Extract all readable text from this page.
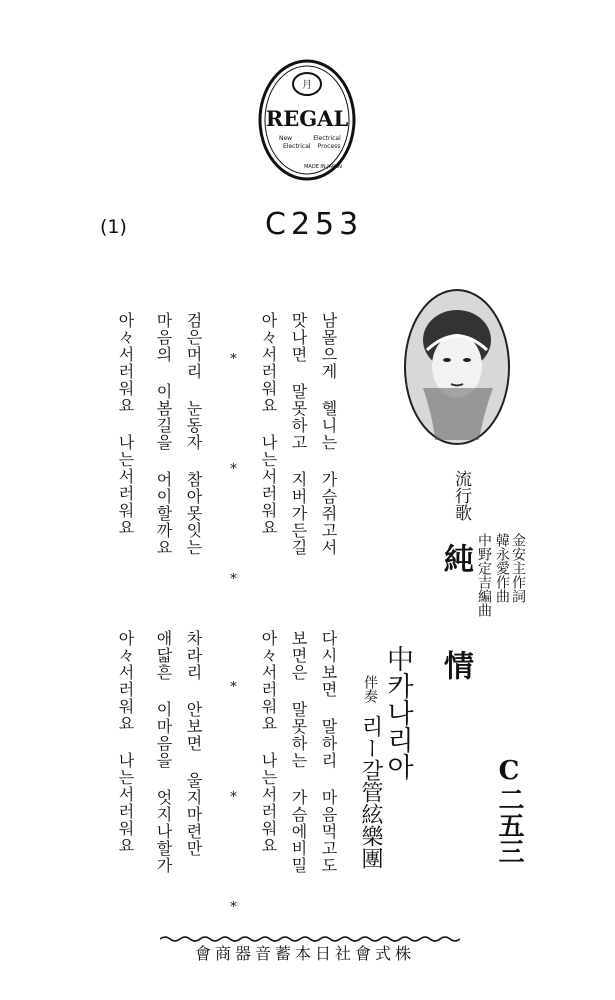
月
REGAL
New
Electrical
Electrical
Process
MADE IN JAPAN
(1)	C253
流行歌
純
情
金安主作詞
韓永愛作曲
中野定吉編曲
中카나리아
伴奏
리ー갈管絃樂團	C二五三
남몰으게 헬니는 가슴쥐고서
맛나면 말못하고 지버가든길
아々서러워요 나는서러워요
* * *
검은머리 눈동자 참아못잇는
마음의 이봄길을 어이할까요
아々서러워요 나는서러워요
다시보면 말하리 마음먹고도
보면은 말못하는 가슴에비밀
아々서러워요 나는서러워요
* * *
차라리 안보면 울지마련만
애닯흔 이마음을 엇지나할가
아々서러워요 나는서러워요
會商器音蓄本日社會式株
